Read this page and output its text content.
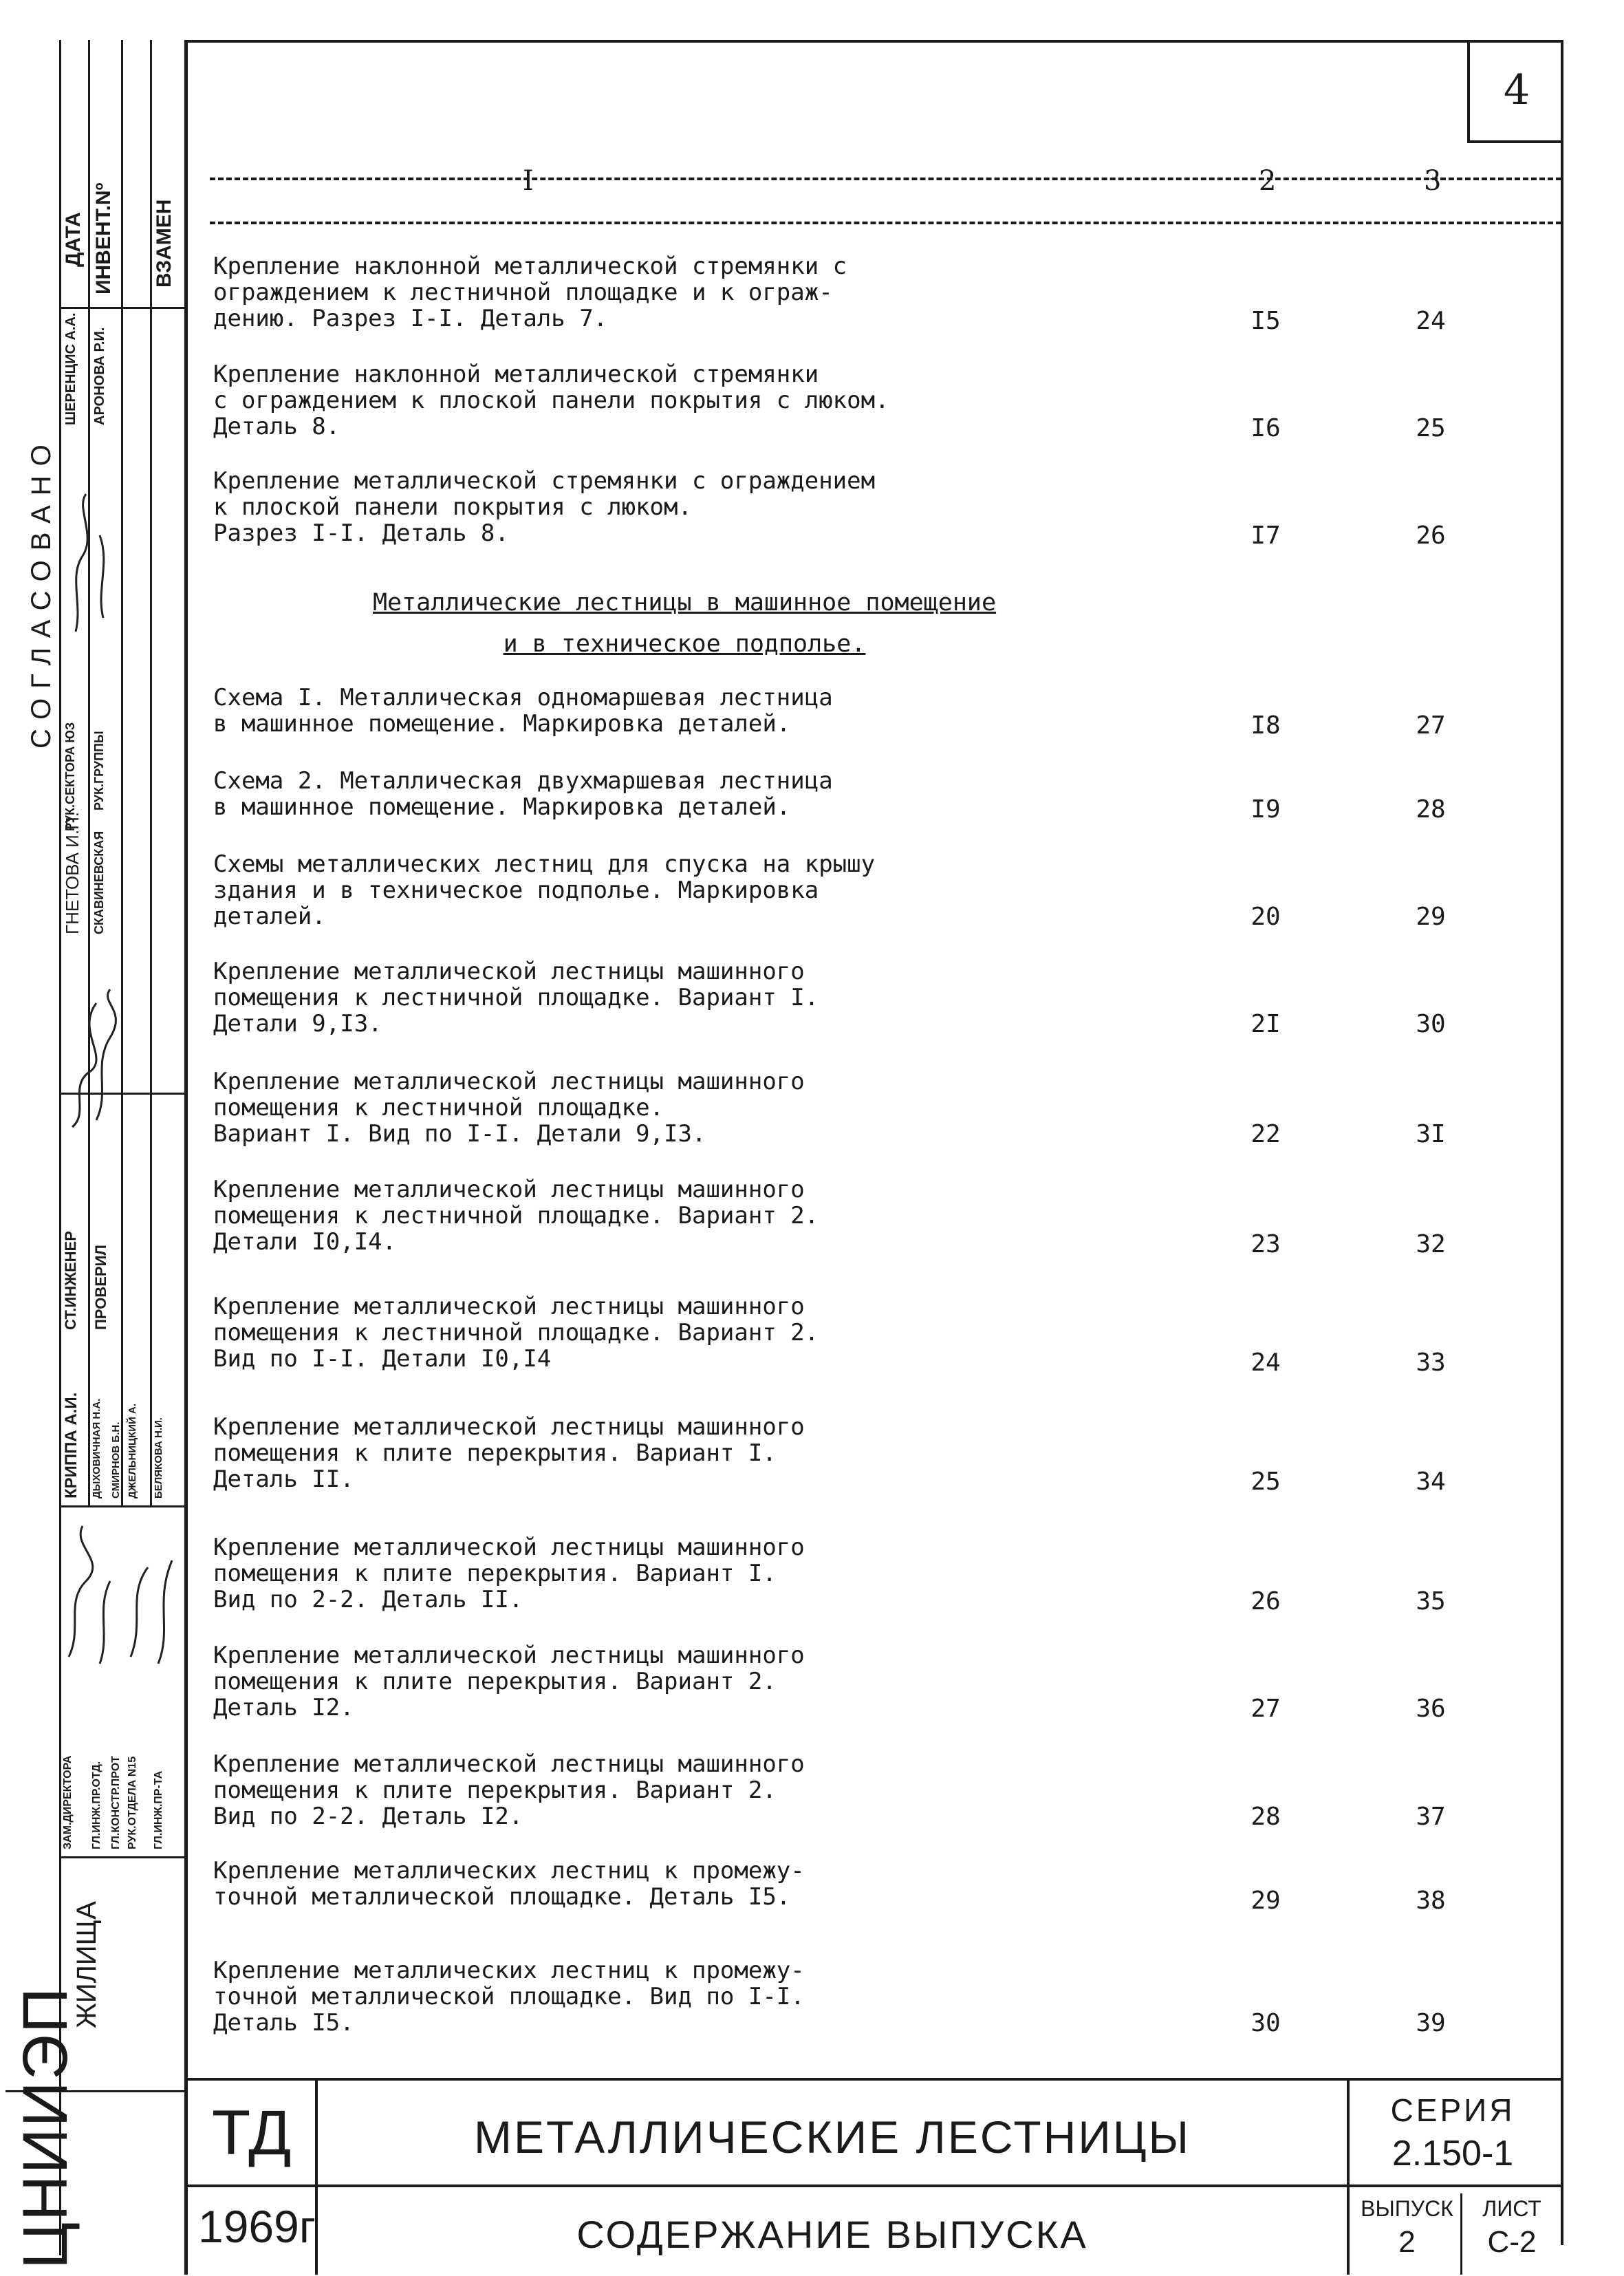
4
I	2	3
Крепление наклонной металлической стремянки с
ограждением к лестничной площадке и к ограж-
дению. Разрез I-I. Деталь 7.	I5	24
Крепление наклонной металлической стремянки
с ограждением к плоской панели покрытия с люком.
Деталь 8.	I6	25
Крепление металлической стремянки с ограждением
к плоской панели покрытия с люком.
Разрез I-I. Деталь 8.	I7	26
Металлические лестницы в машинное помещение
и в техническое подполье.
Схема I. Металлическая одномаршевая лестница
в машинное помещение. Маркировка деталей.	I8	27
Схема 2. Металлическая двухмаршевая лестница
в машинное помещение. Маркировка деталей.	I9	28
Схемы металлических лестниц для спуска на крышу
здания и в техническое подполье. Маркировка
деталей.	20	29
Крепление металлической лестницы машинного
помещения к лестничной площадке. Вариант I.
Детали 9,I3.	2I	30
Крепление металлической лестницы машинного
помещения к лестничной площадке.
Вариант I. Вид по I-I. Детали 9,I3.	22	3I
Крепление металлической лестницы машинного
помещения к лестничной площадке. Вариант 2.
Детали I0,I4.	23	32
Крепление металлической лестницы машинного
помещения к лестничной площадке. Вариант 2.
Вид по I-I. Детали I0,I4	24	33
Крепление металлической лестницы машинного
помещения к плите перекрытия. Вариант I.
Деталь II.	25	34
Крепление металлической лестницы машинного
помещения к плите перекрытия. Вариант I.
Вид по 2-2. Деталь II.	26	35
Крепление металлической лестницы машинного
помещения к плите перекрытия. Вариант 2.
Деталь I2.	27	36
Крепление металлической лестницы машинного
помещения к плите перекрытия. Вариант 2.
Вид по 2-2. Деталь I2.	28	37
Крепление металлических лестниц к промежу-
точной металлической площадке. Деталь I5.	29	38
Крепление металлических лестниц к промежу-
точной металлической площадке. Вид по I-I.
Деталь I5.	30	39
ДАТА ИНВЕНТ.Nº ВЗАМЕН
СОГЛАСОВАНО
ШЕРЕНЦИС А.А. АРОНОВА Р.И.
РУК.СЕКТОРА ЮЗ РУК.ГРУППЫ
ГНЕТОВА И.П. СКАВИНЕВСКАЯ
СТ.ИНЖЕНЕР ПРОВЕРИЛ
КРИППА А.И. ДЫХОВИЧНАЯ Н.А. СМИРНОВ Б.Н. ДЖЕЛЬНИЦКИЙ А. БЕЛЯКОВА Н.И.
ЗАМ.ДИРЕКТОРА ГЛ.ИНЖ.ПР.ОТД. ГЛ.КОНСТР.ПРОТ РУК.ОТДЕЛА N15 ГЛ.ИНЖ.ПР-ТА
ЦНИИЭП
ЖИЛИЩА
ТД
1969г
МЕТАЛЛИЧЕСКИЕ ЛЕСТНИЦЫ
СОДЕРЖАНИЕ ВЫПУСКА
СЕРИЯ
2.150-1
ВЫПУСК
2
ЛИСТ
С-2
